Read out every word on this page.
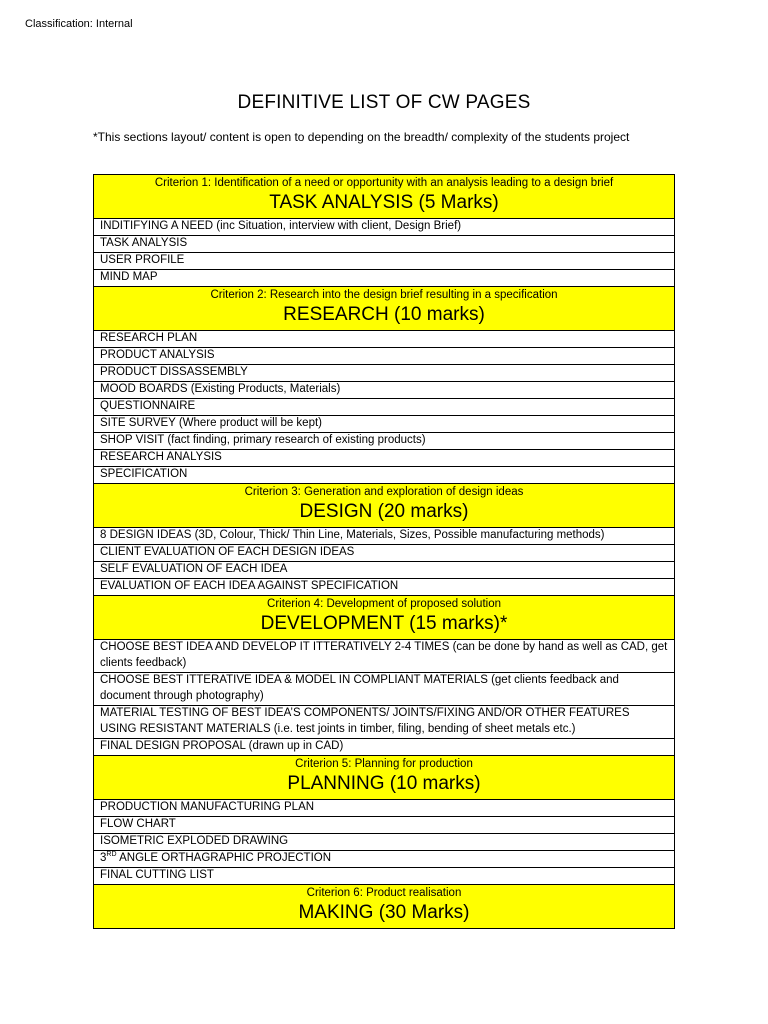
Classification: Internal
DEFINITIVE LIST OF CW PAGES
*This sections layout/ content is open to depending on the breadth/ complexity of the students project
Criterion 1: Identification of a need or opportunity with an analysis leading to a design brief
TASK ANALYSIS (5 Marks)

INDITIFYING A NEED (inc Situation, interview with client, Design Brief)
TASK ANALYSIS
USER PROFILE
MIND MAP

Criterion 2: Research into the design brief resulting in a specification
RESEARCH (10 marks)

RESEARCH PLAN
PRODUCT ANALYSIS
PRODUCT DISSASSEMBLY
MOOD BOARDS (Existing Products, Materials)
QUESTIONNAIRE
SITE SURVEY (Where product will be kept)
SHOP VISIT (fact finding, primary research of existing products)
RESEARCH ANALYSIS
SPECIFICATION

Criterion 3: Generation and exploration of design ideas
DESIGN (20 marks)

8 DESIGN IDEAS (3D, Colour, Thick/ Thin Line, Materials, Sizes, Possible manufacturing methods)
CLIENT EVALUATION OF EACH DESIGN IDEAS
SELF EVALUATION OF EACH IDEA
EVALUATION OF EACH IDEA AGAINST SPECIFICATION

Criterion 4: Development of proposed solution
DEVELOPMENT (15 marks)*

CHOOSE BEST IDEA AND DEVELOP IT ITTERATIVELY 2-4 TIMES (can be done by hand as well as CAD, get clients feedback)
CHOOSE BEST ITTERATIVE IDEA & MODEL IN COMPLIANT MATERIALS (get clients feedback and document through photography)
MATERIAL TESTING OF BEST IDEA’S COMPONENTS/ JOINTS/FIXING AND/OR OTHER FEATURES USING RESISTANT MATERIALS (i.e. test joints in timber, filing, bending of sheet metals etc.)
FINAL DESIGN PROPOSAL (drawn up in CAD)

Criterion 5: Planning for production
PLANNING (10 marks)

PRODUCTION MANUFACTURING PLAN
FLOW CHART
ISOMETRIC EXPLODED DRAWING
3RD ANGLE ORTHAGRAPHIC PROJECTION
FINAL CUTTING LIST

Criterion 6: Product realisation
MAKING (30 Marks)
